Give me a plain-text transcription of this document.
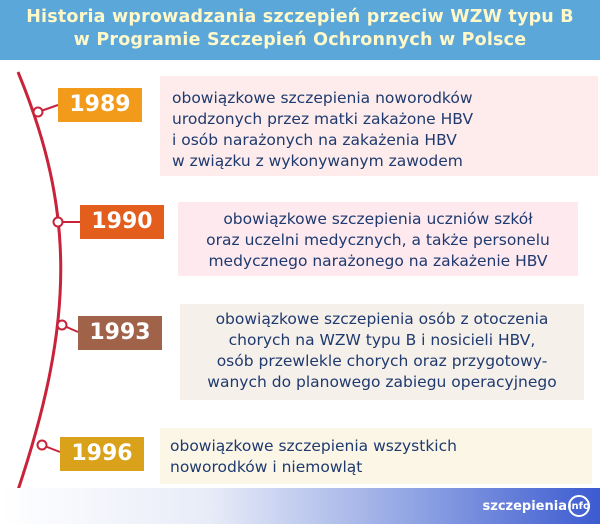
Historia wprowadzania szczepień przeciw WZW typu B
w Programie Szczepień Ochronnych w Polsce
obowiązkowe szczepienia noworodków
urodzonych przez matki zakażone HBV
i osób narażonych na zakażenia HBV
w związku z wykonywanym zawodem
1989
obowiązkowe szczepienia uczniów szkół
oraz uczelni medycznych, a także personelu
medycznego narażonego na zakażenie HBV
1990
obowiązkowe szczepienia osób z otoczenia
chorych na WZW typu B i nosicieli HBV,
osób przewlekle chorych oraz przygotowy-
wanych do planowego zabiegu operacyjnego
1993
obowiązkowe szczepienia wszystkich
noworodków i niemowląt
1996
szczepienia info
